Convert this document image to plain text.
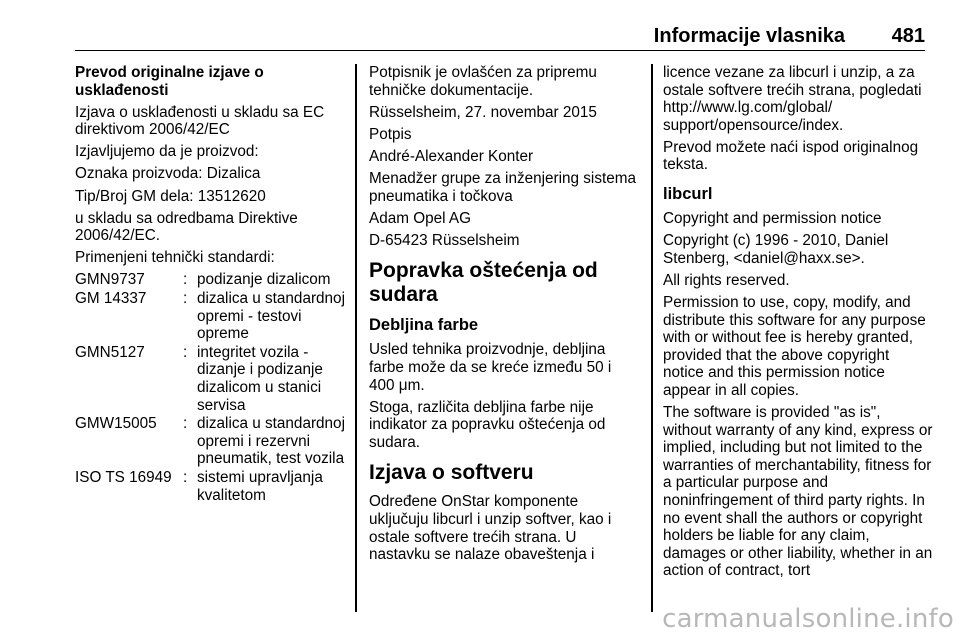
Informacije vlasnika 481

Prevod originalne izjave o usklađenosti

Izjava o usklađenosti u skladu sa EC direktivom 2006/42/EC

Izjavljujemo da je proizvod:

Oznaka proizvoda: Dizalica

Tip/Broj GM dela: 13512620

u skladu sa odredbama Direktive 2006/42/EC.

Primenjeni tehnički standardi:

GMN9737	:	podizanje dizalicom
GM 14337	:	dizalica u standardnoj opremi - testovi opreme
GMN5127	:	integritet vozila - dizanje i podizanje dizalicom u stanici servisa
GMW15005	:	dizalica u standardnoj opremi i rezervni pneumatik, test vozila
ISO TS 16949	:	sistemi upravljanja kvalitetom

Potpisnik je ovlašćen za pripremu tehničke dokumentacije.

Rüsselsheim, 27. novembar 2015

Potpis

André-Alexander Konter

Menadžer grupe za inženjering sistema pneumatika i točkova

Adam Opel AG

D-65423 Rüsselsheim

Popravka oštećenja od sudara
Debljina farbe

Usled tehnika proizvodnje, debljina farbe može da se kreće između 50 i 400 μm.

Stoga, različita debljina farbe nije indikator za popravku oštećenja od sudara.

Izjava o softveru

Određene OnStar komponente uključuju libcurl i unzip softver, kao i ostale softvere trećih strana. U nastavku se nalaze obaveštenja i

licence vezane za libcurl i unzip, a za ostale softvere trećih strana, pogledati http://www.lg.com/global/ support/opensource/index.

Prevod možete naći ispod originalnog teksta.

libcurl

Copyright and permission notice

Copyright (c) 1996 - 2010, Daniel Stenberg, <daniel@haxx.se>.

All rights reserved.

Permission to use, copy, modify, and distribute this software for any purpose with or without fee is hereby granted, provided that the above copyright notice and this permission notice appear in all copies.

The software is provided "as is", without warranty of any kind, express or implied, including but not limited to the warranties of merchantability, fitness for a particular purpose and noninfringement of third party rights. In no event shall the authors or copyright holders be liable for any claim, damages or other liability, whether in an action of contract, tort

carmanualsonline.info
